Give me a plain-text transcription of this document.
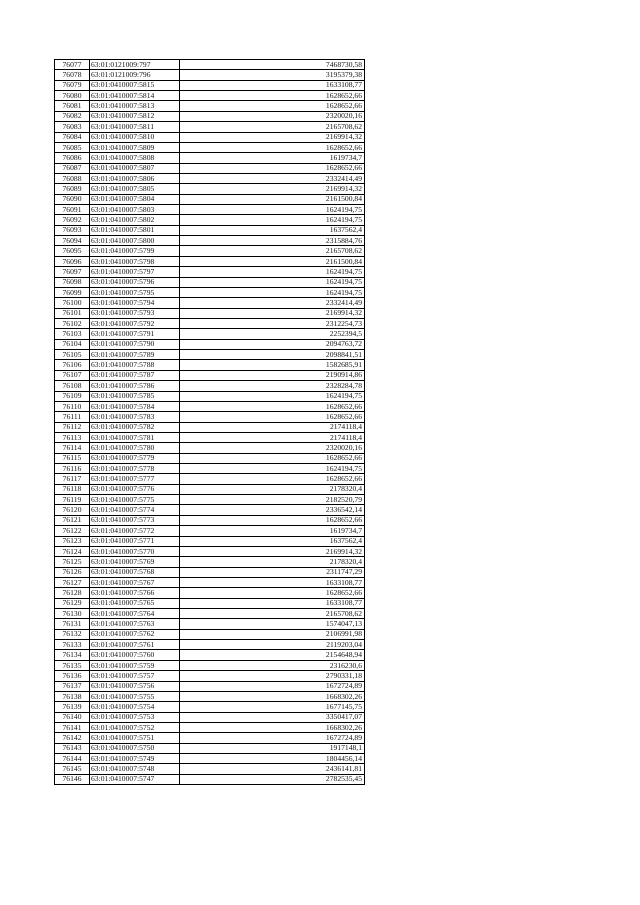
76077	63:01:0121009:797	7468730,58
76078	63:01:0121009:796	3195379,38
76079	63:01:0410007:5815	1633108,77
76080	63:01:0410007:5814	1628652,66
76081	63:01:0410007:5813	1628652,66
76082	63:01:0410007:5812	2320020,16
76083	63:01:0410007:5811	2165708,62
76084	63:01:0410007:5810	2169914,32
76085	63:01:0410007:5809	1628652,66
76086	63:01:0410007:5808	1619734,7
76087	63:01:0410007:5807	1628652,66
76088	63:01:0410007:5806	2332414,49
76089	63:01:0410007:5805	2169914,32
76090	63:01:0410007:5804	2161500,84
76091	63:01:0410007:5803	1624194,75
76092	63:01:0410007:5802	1624194,75
76093	63:01:0410007:5801	1637562,4
76094	63:01:0410007:5800	2315884,76
76095	63:01:0410007:5799	2165708,62
76096	63:01:0410007:5798	2161500,84
76097	63:01:0410007:5797	1624194,75
76098	63:01:0410007:5796	1624194,75
76099	63:01:0410007:5795	1624194,75
76100	63:01:0410007:5794	2332414,49
76101	63:01:0410007:5793	2169914,32
76102	63:01:0410007:5792	2312254,73
76103	63:01:0410007:5791	2252394,5
76104	63:01:0410007:5790	2094763,72
76105	63:01:0410007:5789	2098841,51
76106	63:01:0410007:5788	1582685,91
76107	63:01:0410007:5787	2190914,86
76108	63:01:0410007:5786	2328284,78
76109	63:01:0410007:5785	1624194,75
76110	63:01:0410007:5784	1628652,66
76111	63:01:0410007:5783	1628652,66
76112	63:01:0410007:5782	2174118,4
76113	63:01:0410007:5781	2174118,4
76114	63:01:0410007:5780	2320020,16
76115	63:01:0410007:5779	1628652,66
76116	63:01:0410007:5778	1624194,75
76117	63:01:0410007:5777	1628652,66
76118	63:01:0410007:5776	2178320,4
76119	63:01:0410007:5775	2182520,79
76120	63:01:0410007:5774	2336542,14
76121	63:01:0410007:5773	1628652,66
76122	63:01:0410007:5772	1619734,7
76123	63:01:0410007:5771	1637562,4
76124	63:01:0410007:5770	2169914,32
76125	63:01:0410007:5769	2178320,4
76126	63:01:0410007:5768	2311747,29
76127	63:01:0410007:5767	1633108,77
76128	63:01:0410007:5766	1628652,66
76129	63:01:0410007:5765	1633108,77
76130	63:01:0410007:5764	2165708,62
76131	63:01:0410007:5763	1574047,13
76132	63:01:0410007:5762	2106991,98
76133	63:01:0410007:5761	2119203,04
76134	63:01:0410007:5760	2154648,94
76135	63:01:0410007:5759	2316230,6
76136	63:01:0410007:5757	2790331,18
76137	63:01:0410007:5756	1672724,89
76138	63:01:0410007:5755	1668302,26
76139	63:01:0410007:5754	1677145,75
76140	63:01:0410007:5753	3350417,07
76141	63:01:0410007:5752	1668302,26
76142	63:01:0410007:5751	1672724,89
76143	63:01:0410007:5750	1917148,1
76144	63:01:0410007:5749	1804456,14
76145	63:01:0410007:5748	2436141,81
76146	63:01:0410007:5747	2782535,45
